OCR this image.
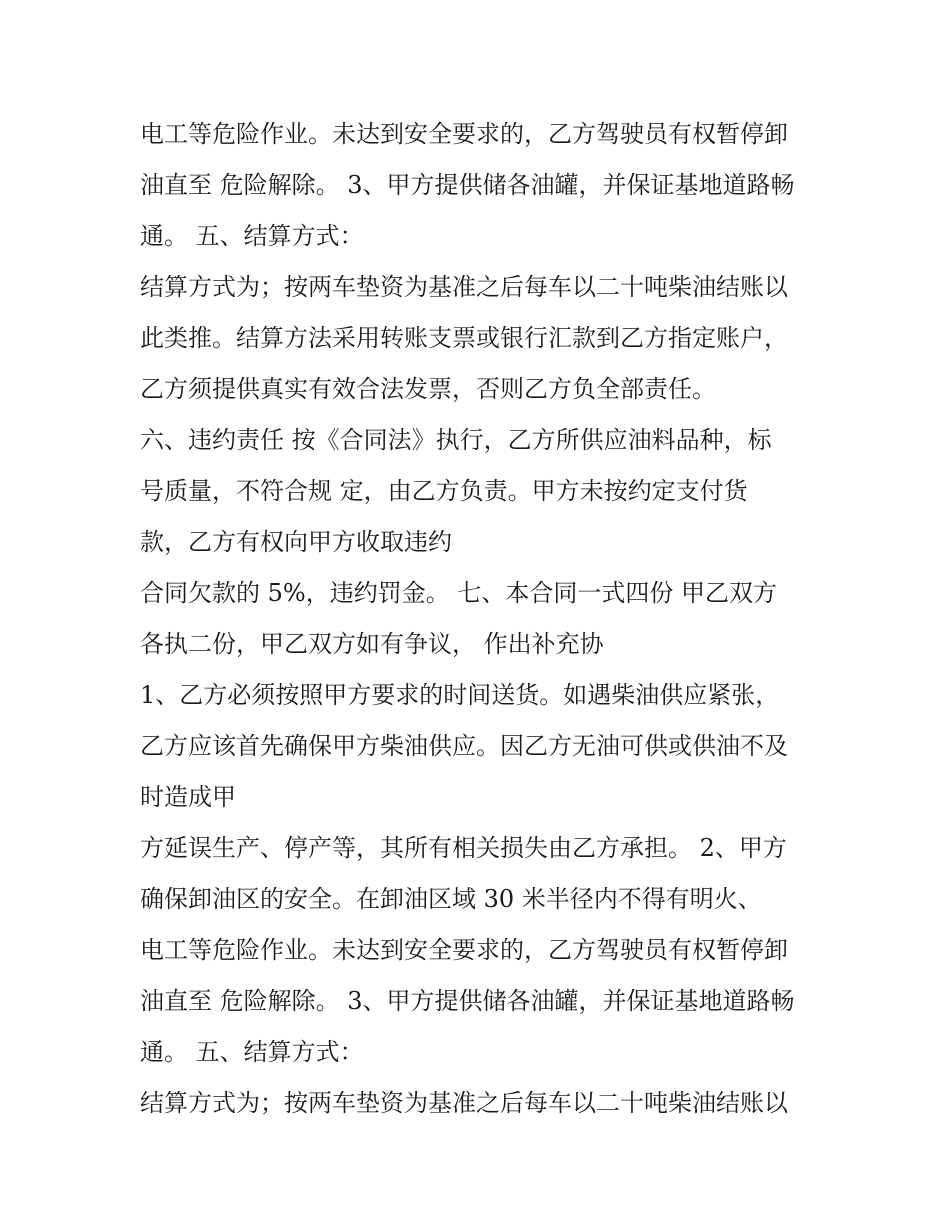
电工等危险作业。未达到安全要求的，乙方驾驶员有权暂停卸
油直至 危险解除。 3、甲方提供储各油罐，并保证基地道路畅
通。 五、结算方式：
结算方式为；按两车垫资为基准之后每车以二十吨柴油结账以
此类推。结算方法采用转账支票或银行汇款到乙方指定账户，
乙方须提供真实有效合法发票，否则乙方负全部责任。
六、违约责任 按《合同法》执行，乙方所供应油料品种，标
号质量，不符合规 定，由乙方负责。甲方未按约定支付货
款，乙方有权向甲方收取违约
合同欠款的 5%，违约罚金。 七、本合同一式四份 甲乙双方
各执二份，甲乙双方如有争议， 作出补充协
1、乙方必须按照甲方要求的时间送货。如遇柴油供应紧张，
乙方应该首先确保甲方柴油供应。因乙方无油可供或供油不及
时造成甲
方延误生产、停产等，其所有相关损失由乙方承担。 2、甲方
确保卸油区的安全。在卸油区域 30 米半径内不得有明火、
电工等危险作业。未达到安全要求的，乙方驾驶员有权暂停卸
油直至 危险解除。 3、甲方提供储各油罐，并保证基地道路畅
通。 五、结算方式：
结算方式为；按两车垫资为基准之后每车以二十吨柴油结账以
